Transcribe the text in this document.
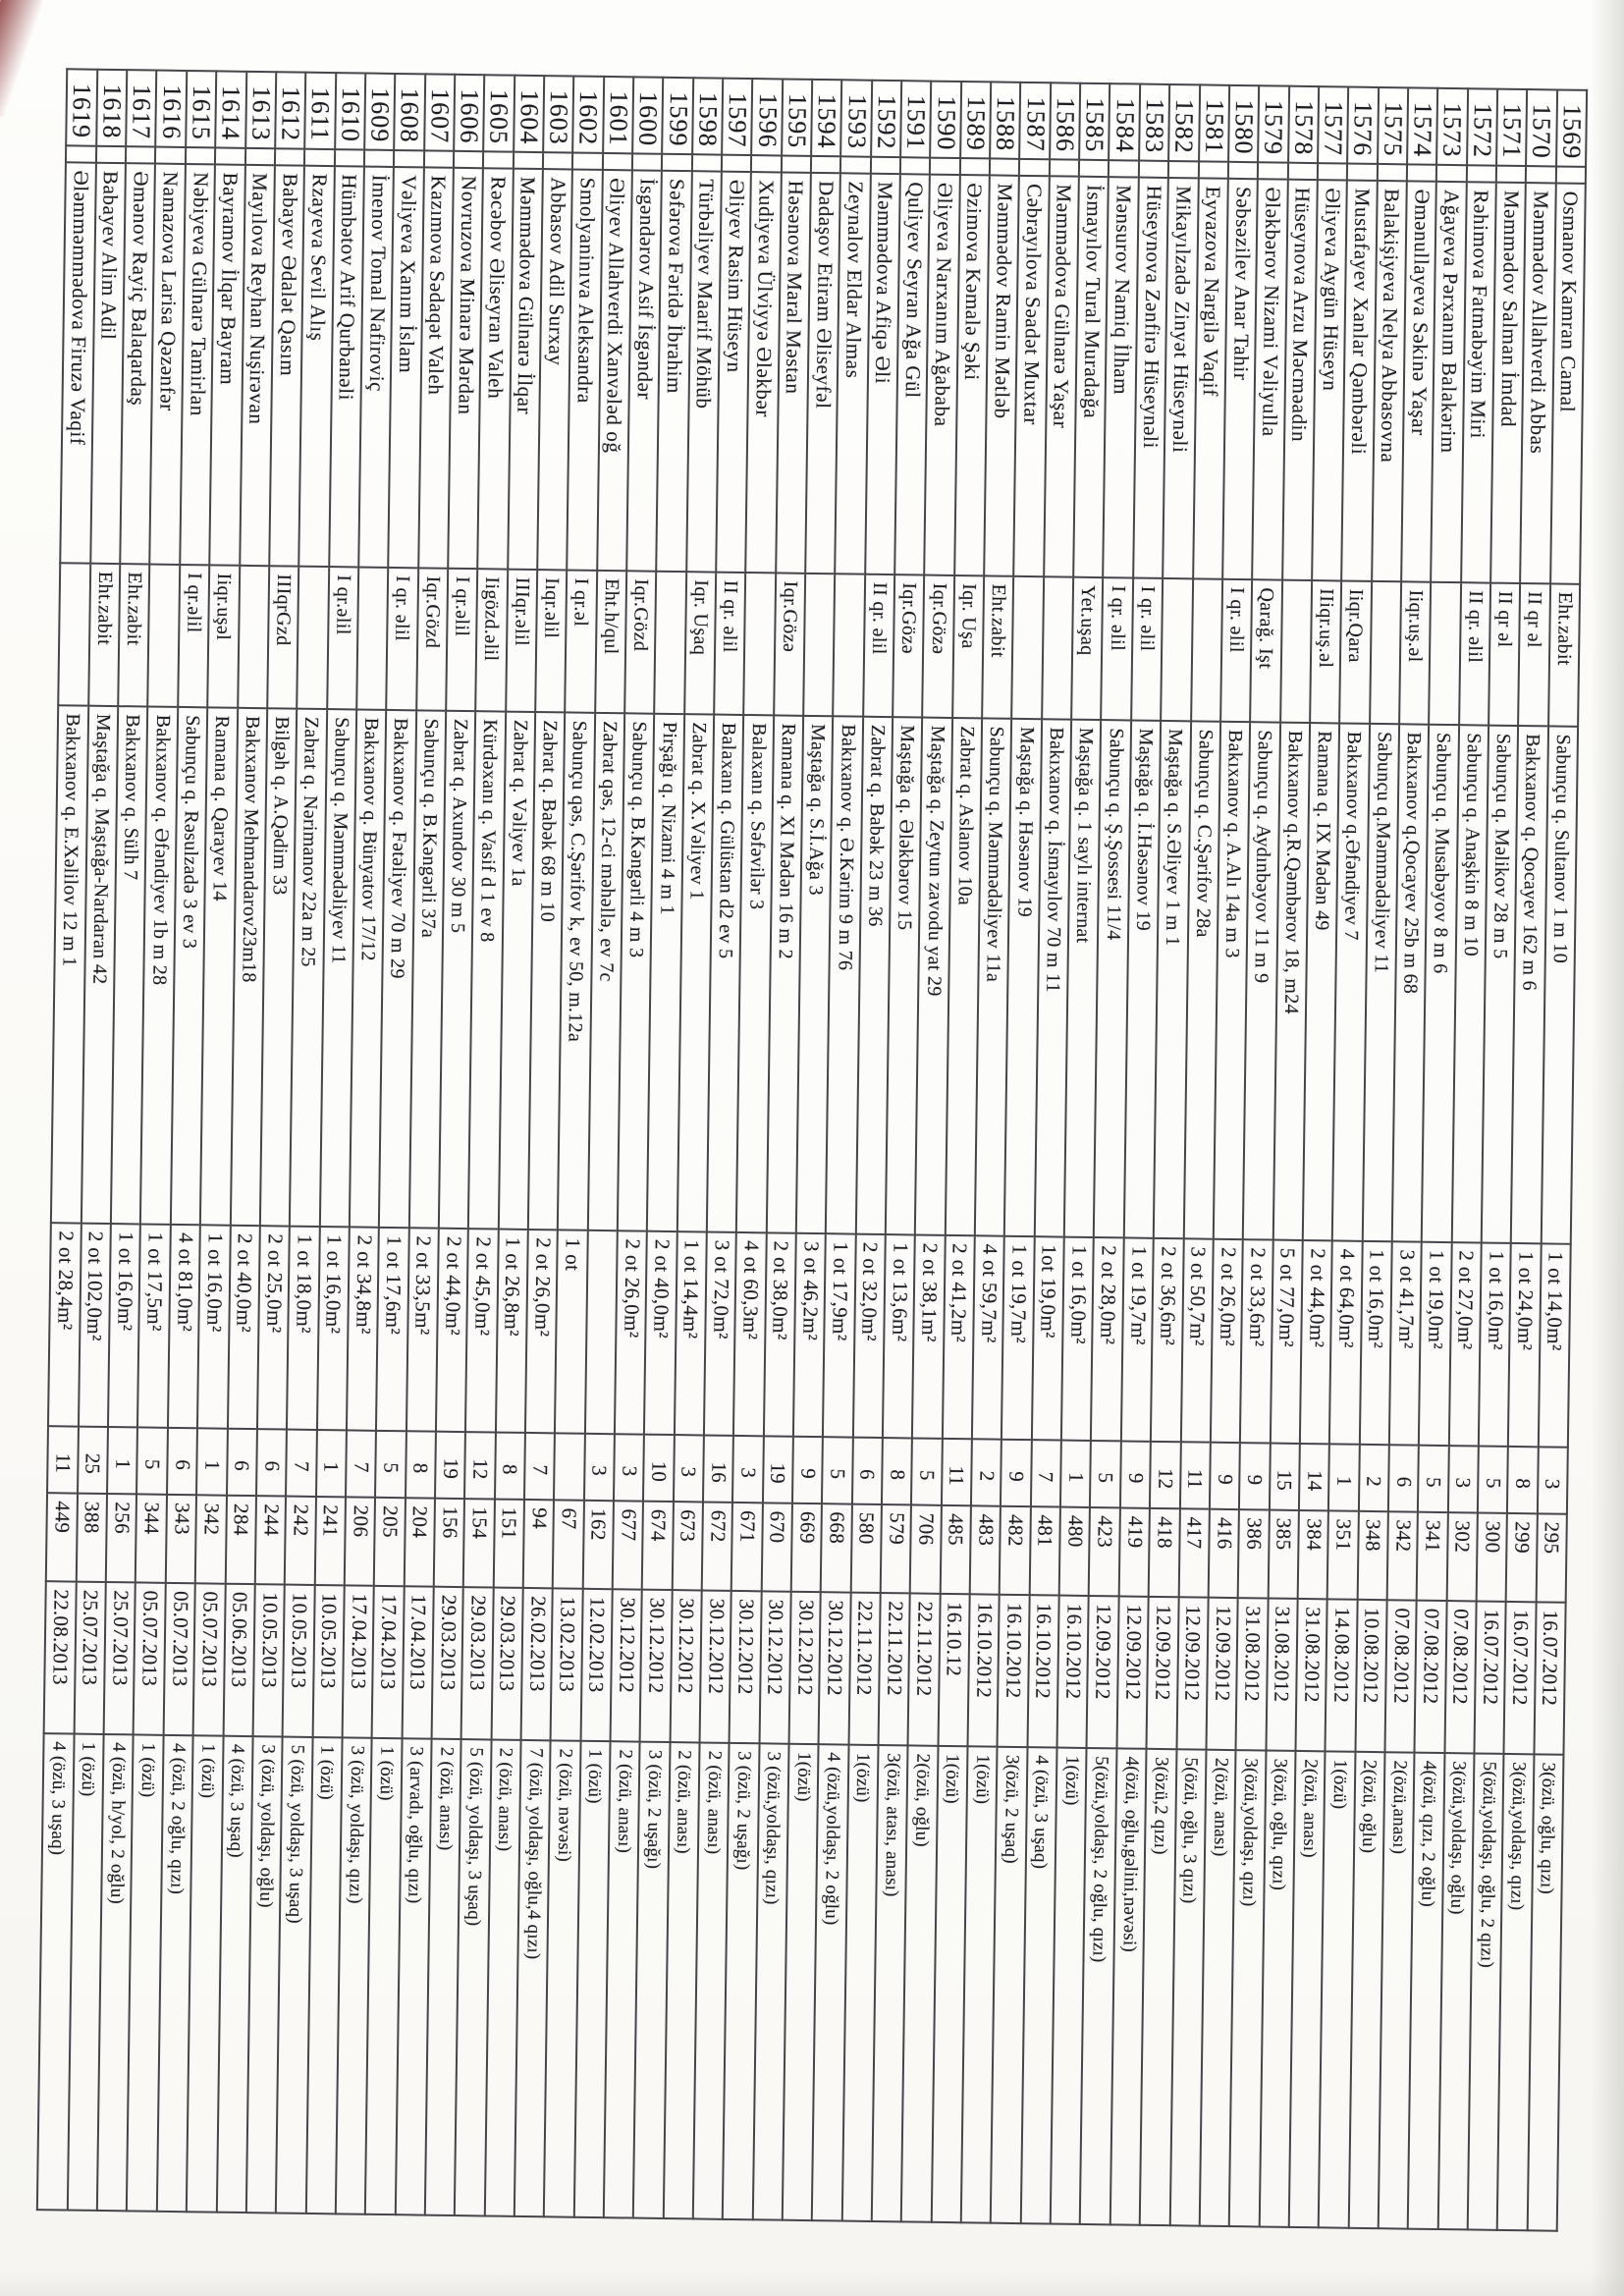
1569		Osmanov Kamran Camal	Eht.zabit	Sabunçu q. Sultanov 1 m 10	1 ot 14,0m²	3	295	16.07.2012	3(özü, oğlu, qızı)
1570		Məmmədov Allahverdi Abbas	II qr əl	Bakıxanov q. Qocayev 162 m 6	1 ot 24,0m²	8	299	16.07.2012	3(özü,yoldaşı, qızı)
1571		Məmmədov Salman İmdad	II qr əl	Sabunçu q. Məlikov 28 m 5	1 ot 16,0m²	5	300	16.07.2012	5(özü,yoldaşı, oğlu, 2 qızı)
1572		Rəhimova Fatmabəyim Miri	II qr. əlil	Sabunçu q. Anaşkin 8 m 10	2 ot 27,0m²	3	302	07.08.2012	3(özü,yoldaşı, oğlu)
1573		Ağayeva Pərxanım Balakərim		Sabunçu q. Musabəyov 8 m 6	1 ot 19,0m²	5	341	07.08.2012	4(özü, qızı, 2 oğlu)
1574		Əmənullayeva Səkinə Yaşar	Iiqr.uş.əl	Bakıxanov q.Qocayev 25b m 68	3 ot 41,7m²	6	342	07.08.2012	2(özü,anası)
1575		Balakişiyeva Nelya Abbasovna		Sabunçu q.Məmmədəliyev 11	1 ot 16,0m²	2	348	10.08.2012	2(özü, oğlu)
1576		Mustafayev Xanlar Qəmbərəli	Iiqr.Qara	Bakıxanov q.Əfəndiyev 7	4 ot 64,0m²	1	351	14.08.2012	1(özü)
1577		Əliyeva Aygün Hüseyn	IIiqr.uş.əl	Ramana q. IX Mədən 49	2 ot 44,0m²	14	384	31.08.2012	2(özü, anası)
1578		Hüseynova Arzu Məcməadin		Bakıxanov q.R.Qəmbərov 18, m24	5 ot 77,0m²	15	385	31.08.2012	3(özü, oğlu, qızı)
1579		Ələkbərov Nizami Vəliyulla	Qarağ. Işt	Sabunçu q. Aydınbəyov 11 m 9	2 ot 33,6m²	9	386	31.08.2012	3(özü,yoldaşı, qızı)
1580		Səbsəzilev Anar Tahir	I qr. əlil	Bakıxanov q. A.Alı 14a m 3	2 ot 26,0m²	9	416	12.09.2012	2(özü, anası)
1581		Eyvazova Nargilə Vaqif		Sabunçu q. C.Şərifov 28a	3 ot 50,7m²	11	417	12.09.2012	5(özü, oğlu, 3 qızı)
1582		Mikayılzadə Zinyət Hüseynəli		Maştağa q. S.Əliyev 1 m 1	2 ot 36,6m²	12	418	12.09.2012	3(özü,2 qızı)
1583		Hüseynova Zənfirə Hüseynəli	I qr. əlil	Maştağa q. İ.Həsənov 19	1 ot 19,7m²	9	419	12.09.2012	4(özü, oğlu,gəlini,nəvəsi)
1584		Mənsurov Namiq İlham	I qr. əlil	Sabunçu q. Ş.Şossesi 11/4	2 ot 28,0m²	5	423	12.09.2012	5(özü,yoldaşı, 2 oğlu, qızı)
1585		İsmayılov Tural Muradağa	Yet.uşaq	Maştağa q. 1 saylı internat	1 ot 16,0m²	1	480	16.10.2012	1(özü)
1586		Məmmədova Gülnarə Yaşar		Bakıxanov q. İsmayılov 70 m 11	1ot 19,0m²	7	481	16.10.2012	4 (özü, 3 uşaq)
1587		Cəbrayılova Səadət Muxtar		Maştağa q. Həsənov 19	1 ot 19,7m²	9	482	16.10.2012	3(özü, 2 uşaq)
1588		Məmmədov Ramin Mətləb	Eht.zabit	Sabunçu q. Məmmədəliyev 11a	4 ot 59,7m²	2	483	16.10.2012	1(özü)
1589		Əzimova Kəmalə Şəki	Iqr. Uşa	Zabrat q. Aslanov 10a	2 ot 41,2m²	11	485	16.10.12	1(özü)
1590		Əliyeva Narxanım Ağababa	Iqr.Gözə	Maştağa q. Zeytun zavodu yat 29	2 ot 38,1m²	5	706	22.11.2012	2(özü, oğlu)
1591		Quliyev Seyran Ağa Gül	Iqr.Gözə	Maştağa q. Ələkbərov 15	1 ot 13,6m²	8	579	22.11.2012	3(özü, atası, anası)
1592		Məmmədova Afiqə Əli	II qr. əlil	Zabrat q. Babək 23 m 36	2 ot 32,0m²	6	580	22.11.2012	1(özü)
1593		Zeynalov Eldar Almas		Bakıxanov q. Ə.Kərim 9 m 76	1 ot 17,9m²	5	668	30.12.2012	4 (özü,yoldaşı, 2 oğlu)
1594		Dadaşov Etiram Əliseyfəl		Maştağa q. S.İ.Ağa 3	3 ot 46,2m²	9	669	30.12.2012	1(özü)
1595		Həsənova Maral Məstan	Iqr.Gözə	Ramana q. XI Mədən 16 m 2	2 ot 38,0m²	19	670	30.12.2012	3 (özü,yoldaşı, qızı)
1596		Xudiyeva Ülviyyə Ələkbər		Balaxanı q. Səfəvilər 3	4 ot 60,3m²	3	671	30.12.2012	3 (özü, 2 uşağı)
1597		Əliyev Rasim Hüseyn	II qr. əlil	Balaxanı q. Gülüstan d2 ev 5	3 ot 72,0m²	16	672	30.12.2012	2 (özü, anası)
1598		Türbəliyev Maarif Möhüb	Iqr. Uşaq	Zabrat q. X.Vəliyev 1	1 ot 14,4m²	3	673	30.12.2012	2 (özü, anası)
1599		Səfərova Fəridə İbrahim		Pirşağı q. Nizami 4 m 1	2 ot 40,0m²	10	674	30.12.2012	3 (özü, 2 uşağı)
1600		İsgəndərov Asif İsgəndər	Iqr.Gözd	Sabunçu q. B.Kəngərli 4 m 3	2 ot 26,0m²	3	677	30.12.2012	2 (özü, anası)
1601		Əliyev Allahverdi Xanvələd oğ	Eht.h/qul	Zabrat qəs, 12-ci məhəllə, ev 7c		3	162	12.02.2013	1 (özü)
1602		Smolyaninıva Aleksandra	I qr.əl	Sabunçu qəs, C.Şərifov k, ev 50, m.12a	1 ot		67	13.02.2013	2 (özü, nəvəsi)
1603		Abbasov Adil Surxay	Iıqr.əlil	Zabrat q. Babək 68 m 10	2 ot 26,0m²	7	94	26.02.2013	7 (özü, yoldaşı, oğlu,4 qızı)
1604		Məmmədova Gülnarə İlqar	IIIqr.əlil	Zabrat q. Vəliyev 1a	1 ot 26,8m²	8	151	29.03.2013	2 (özü, anası)
1605		Rəcəbov Əliseyran Valeh	Iigözd.əlil	Kürdəxanı q. Vasif d 1 ev 8	2 ot 45,0m²	12	154	29.03.2013	5 (özü, yoldaşı, 3 uşaq)
1606		Novruzova Minarə Mərdan	I qr.əlil	Zabrat q. Axundov 30 m 5	2 ot 44,0m²	19	156	29.03.2013	2 (özü, anası)
1607		Kazımova Sədaqət Valeh	Iqr.Gözd	Sabunçu q. B.Kəngərli 37a	2 ot 33,5m²	8	204	17.04.2013	3 (arvadı, oğlu, qızı)
1608		Vəliyeva Xanım İslam	I qr. əlil	Bakıxanov q. Fətəliyev 70 m 29	1 ot 17,6m²	5	205	17.04.2013	1 (özü)
1609		İmenov Tomal Nafiroviç		Bakıxanov q. Bünyatov 17/12	2 ot 34,8m²	7	206	17.04.2013	3 (özü, yoldaşı, qızı)
1610		Hümbətov Arif Qurbanəli	I qr.əlil	Sabunçu q. Məmmədəliyev 11	1 ot 16,0m²	1	241	10.05.2013	1 (özü)
1611		Rzayeva Sevil Alış		Zabrat q. Nərimanov 22a m 25	1 ot 18,0m²	7	242	10.05.2013	5 (özü, yoldaşı, 3 uşaq)
1612		Babayev Ədalət Qasım	IIIqrGzd	Bilgəh q. A.Qədim 33	2 ot 25,0m²	6	244	10.05.2013	3 (özü, yoldaşı, oğlu)
1613		Mayılova Reyhan Nuşirəvan		Bakıxanov Mehmandarov23m18	2 ot 40,0m²	6	284	05.06.2013	4 (özü, 3 uşaq)
1614		Bayramov İlqar Bayram	Iiqr.uşəl	Ramana q. Qarayev 14	1 ot 16,0m²	1	342	05.07.2013	1 (özü)
1615		Nəbiyeva Gülnarə Tamirlan	I qr.əlil	Sabunçu q. Rəsulzadə 3 ev 3	4 ot 81,0m²	6	343	05.07.2013	4 (özü, 2 oğlu, qızı)
1616		Namazova Larisa Qəzənfər		Bakıxanov q. Əfəndiyev 1b m 28	1 ot 17,5m²	5	344	05.07.2013	1 (özü)
1617		Əmənov Rayiç Balaqardaş	Eht.zabit	Bakıxanov q. Sülh 7	1 ot 16,0m²	1	256	25.07.2013	4 (özü, h/yol, 2 oğlu)
1618		Babayev Alim Adil	Eht.zabit	Maştağa q. Maştağa-Nardaran 42	2 ot 102,0m²	25	388	25.07.2013	1 (özü)
1619		Ələmməmmədova Firuzə Vaqif		Bakıxanov q. E.Xəlilov 12 m 1	2 ot 28,4m²	11	449	22.08.2013	4 (özü, 3 uşaq)
